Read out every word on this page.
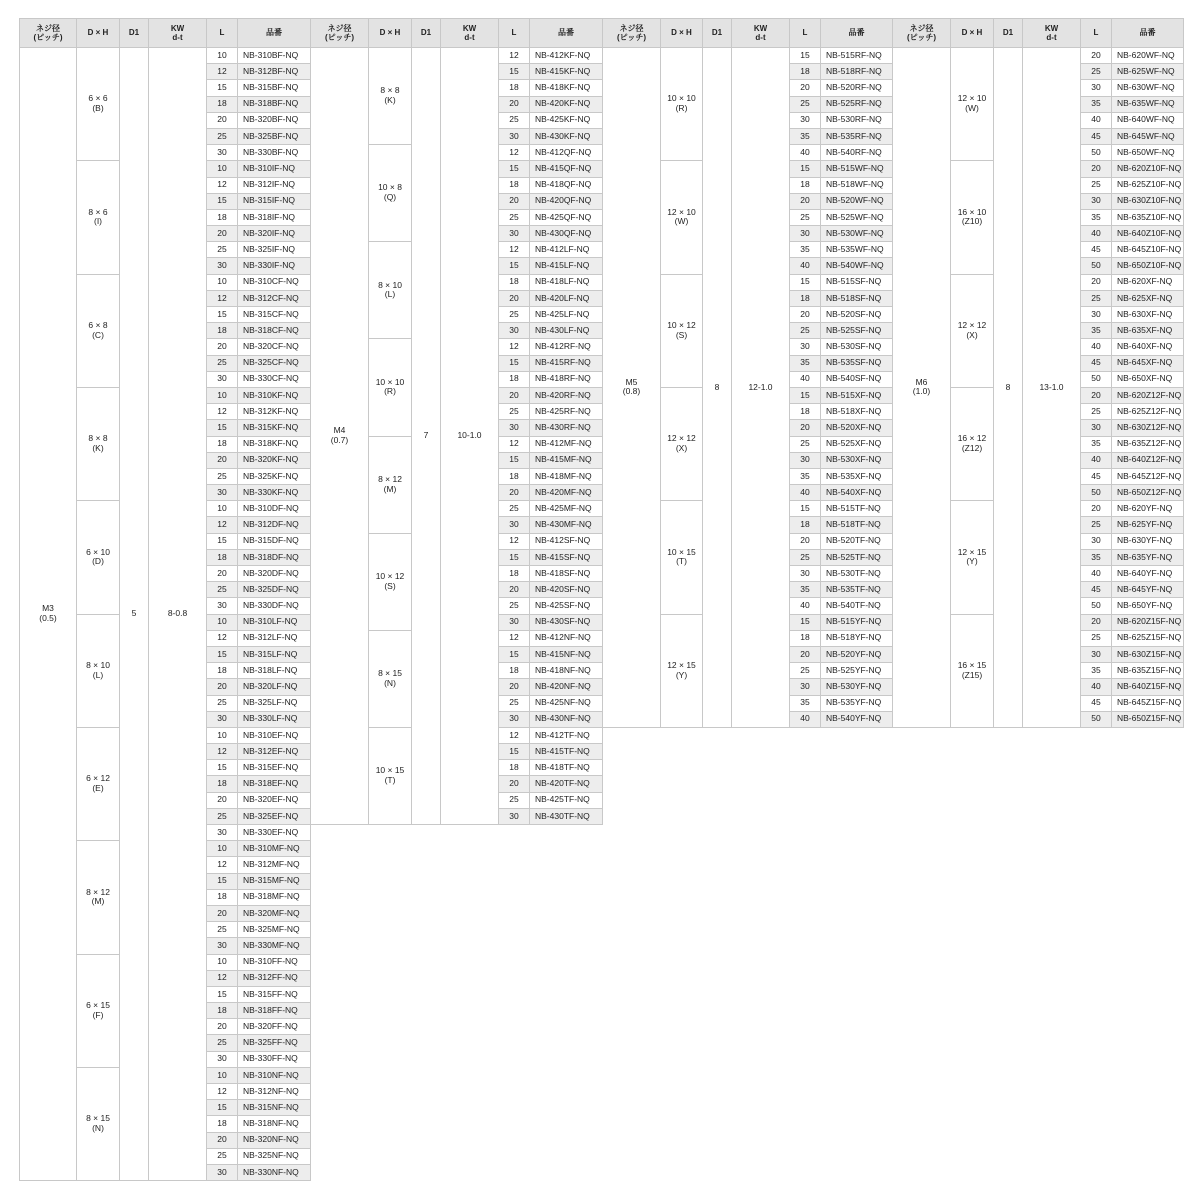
ネジ径
(ピッチ)	D × H	D1	KW
d-t	L	品番

M3
(0.5)	6 × 6
(B)	5	8-0.8	10	NB-310BF-NQ
				12	NB-312BF-NQ
				15	NB-315BF-NQ
				18	NB-318BF-NQ
				20	NB-320BF-NQ
				25	NB-325BF-NQ
				30	NB-330BF-NQ

	8 × 6
(I)			10	NB-310IF-NQ
				12	NB-312IF-NQ
				15	NB-315IF-NQ
				18	NB-318IF-NQ
				20	NB-320IF-NQ
				25	NB-325IF-NQ
				30	NB-330IF-NQ

	6 × 8
(C)			10	NB-310CF-NQ
				12	NB-312CF-NQ
				15	NB-315CF-NQ
				18	NB-318CF-NQ
				20	NB-320CF-NQ
				25	NB-325CF-NQ
				30	NB-330CF-NQ

	8 × 8
(K)			10	NB-310KF-NQ
				12	NB-312KF-NQ
				15	NB-315KF-NQ
				18	NB-318KF-NQ
				20	NB-320KF-NQ
				25	NB-325KF-NQ
				30	NB-330KF-NQ

	6 × 10
(D)			10	NB-310DF-NQ
				12	NB-312DF-NQ
				15	NB-315DF-NQ
				18	NB-318DF-NQ
				20	NB-320DF-NQ
				25	NB-325DF-NQ
				30	NB-330DF-NQ

	8 × 10
(L)			10	NB-310LF-NQ
				12	NB-312LF-NQ
				15	NB-315LF-NQ
				18	NB-318LF-NQ
				20	NB-320LF-NQ
				25	NB-325LF-NQ
				30	NB-330LF-NQ

	6 × 12
(E)			10	NB-310EF-NQ
				12	NB-312EF-NQ
				15	NB-315EF-NQ
				18	NB-318EF-NQ
				20	NB-320EF-NQ
				25	NB-325EF-NQ
				30	NB-330EF-NQ

	8 × 12
(M)			10	NB-310MF-NQ
				12	NB-312MF-NQ
				15	NB-315MF-NQ
				18	NB-318MF-NQ
				20	NB-320MF-NQ
				25	NB-325MF-NQ
				30	NB-330MF-NQ

	6 × 15
(F)			10	NB-310FF-NQ
				12	NB-312FF-NQ
				15	NB-315FF-NQ
				18	NB-318FF-NQ
				20	NB-320FF-NQ
				25	NB-325FF-NQ
				30	NB-330FF-NQ

	8 × 15
(N)			10	NB-310NF-NQ
				12	NB-312NF-NQ
				15	NB-315NF-NQ
				18	NB-318NF-NQ
				20	NB-320NF-NQ
				25	NB-325NF-NQ
				30	NB-330NF-NQ
ネジ径
(ピッチ)	D × H	D1	KW
d-t	L	品番

M4
(0.7)	8 × 8
(K)	7	10-1.0	12	NB-412KF-NQ
				15	NB-415KF-NQ
				18	NB-418KF-NQ
				20	NB-420KF-NQ
				25	NB-425KF-NQ
				30	NB-430KF-NQ

	10 × 8
(Q)			12	NB-412QF-NQ
				15	NB-415QF-NQ
				18	NB-418QF-NQ
				20	NB-420QF-NQ
				25	NB-425QF-NQ
				30	NB-430QF-NQ

	8 × 10
(L)			12	NB-412LF-NQ
				15	NB-415LF-NQ
				18	NB-418LF-NQ
				20	NB-420LF-NQ
				25	NB-425LF-NQ
				30	NB-430LF-NQ

	10 × 10
(R)			12	NB-412RF-NQ
				15	NB-415RF-NQ
				18	NB-418RF-NQ
				20	NB-420RF-NQ
				25	NB-425RF-NQ
				30	NB-430RF-NQ

	8 × 12
(M)			12	NB-412MF-NQ
				15	NB-415MF-NQ
				18	NB-418MF-NQ
				20	NB-420MF-NQ
				25	NB-425MF-NQ
				30	NB-430MF-NQ

	10 × 12
(S)			12	NB-412SF-NQ
				15	NB-415SF-NQ
				18	NB-418SF-NQ
				20	NB-420SF-NQ
				25	NB-425SF-NQ
				30	NB-430SF-NQ

	8 × 15
(N)			12	NB-412NF-NQ
				15	NB-415NF-NQ
				18	NB-418NF-NQ
				20	NB-420NF-NQ
				25	NB-425NF-NQ
				30	NB-430NF-NQ

	10 × 15
(T)			12	NB-412TF-NQ
				15	NB-415TF-NQ
				18	NB-418TF-NQ
				20	NB-420TF-NQ
				25	NB-425TF-NQ
				30	NB-430TF-NQ
ネジ径
(ピッチ)	D × H	D1	KW
d-t	L	品番

M5
(0.8)	10 × 10
(R)	8	12-1.0	15	NB-515RF-NQ
				18	NB-518RF-NQ
				20	NB-520RF-NQ
				25	NB-525RF-NQ
				30	NB-530RF-NQ
				35	NB-535RF-NQ
				40	NB-540RF-NQ

	12 × 10
(W)			15	NB-515WF-NQ
				18	NB-518WF-NQ
				20	NB-520WF-NQ
				25	NB-525WF-NQ
				30	NB-530WF-NQ
				35	NB-535WF-NQ
				40	NB-540WF-NQ

	10 × 12
(S)			15	NB-515SF-NQ
				18	NB-518SF-NQ
				20	NB-520SF-NQ
				25	NB-525SF-NQ
				30	NB-530SF-NQ
				35	NB-535SF-NQ
				40	NB-540SF-NQ

	12 × 12
(X)			15	NB-515XF-NQ
				18	NB-518XF-NQ
				20	NB-520XF-NQ
				25	NB-525XF-NQ
				30	NB-530XF-NQ
				35	NB-535XF-NQ
				40	NB-540XF-NQ

	10 × 15
(T)			15	NB-515TF-NQ
				18	NB-518TF-NQ
				20	NB-520TF-NQ
				25	NB-525TF-NQ
				30	NB-530TF-NQ
				35	NB-535TF-NQ
				40	NB-540TF-NQ

	12 × 15
(Y)			15	NB-515YF-NQ
				18	NB-518YF-NQ
				20	NB-520YF-NQ
				25	NB-525YF-NQ
				30	NB-530YF-NQ
				35	NB-535YF-NQ
				40	NB-540YF-NQ
ネジ径
(ピッチ)	D × H	D1	KW
d-t	L	品番

M6
(1.0)	12 × 10
(W)	8	13-1.0	20	NB-620WF-NQ
				25	NB-625WF-NQ
				30	NB-630WF-NQ
				35	NB-635WF-NQ
				40	NB-640WF-NQ
				45	NB-645WF-NQ
				50	NB-650WF-NQ

	16 × 10
(Z10)			20	NB-620Z10F-NQ
				25	NB-625Z10F-NQ
				30	NB-630Z10F-NQ
				35	NB-635Z10F-NQ
				40	NB-640Z10F-NQ
				45	NB-645Z10F-NQ
				50	NB-650Z10F-NQ

	12 × 12
(X)			20	NB-620XF-NQ
				25	NB-625XF-NQ
				30	NB-630XF-NQ
				35	NB-635XF-NQ
				40	NB-640XF-NQ
				45	NB-645XF-NQ
				50	NB-650XF-NQ

	16 × 12
(Z12)			20	NB-620Z12F-NQ
				25	NB-625Z12F-NQ
				30	NB-630Z12F-NQ
				35	NB-635Z12F-NQ
				40	NB-640Z12F-NQ
				45	NB-645Z12F-NQ
				50	NB-650Z12F-NQ

	12 × 15
(Y)			20	NB-620YF-NQ
				25	NB-625YF-NQ
				30	NB-630YF-NQ
				35	NB-635YF-NQ
				40	NB-640YF-NQ
				45	NB-645YF-NQ
				50	NB-650YF-NQ

	16 × 15
(Z15)			20	NB-620Z15F-NQ
				25	NB-625Z15F-NQ
				30	NB-630Z15F-NQ
				35	NB-635Z15F-NQ
				40	NB-640Z15F-NQ
				45	NB-645Z15F-NQ
				50	NB-650Z15F-NQ
